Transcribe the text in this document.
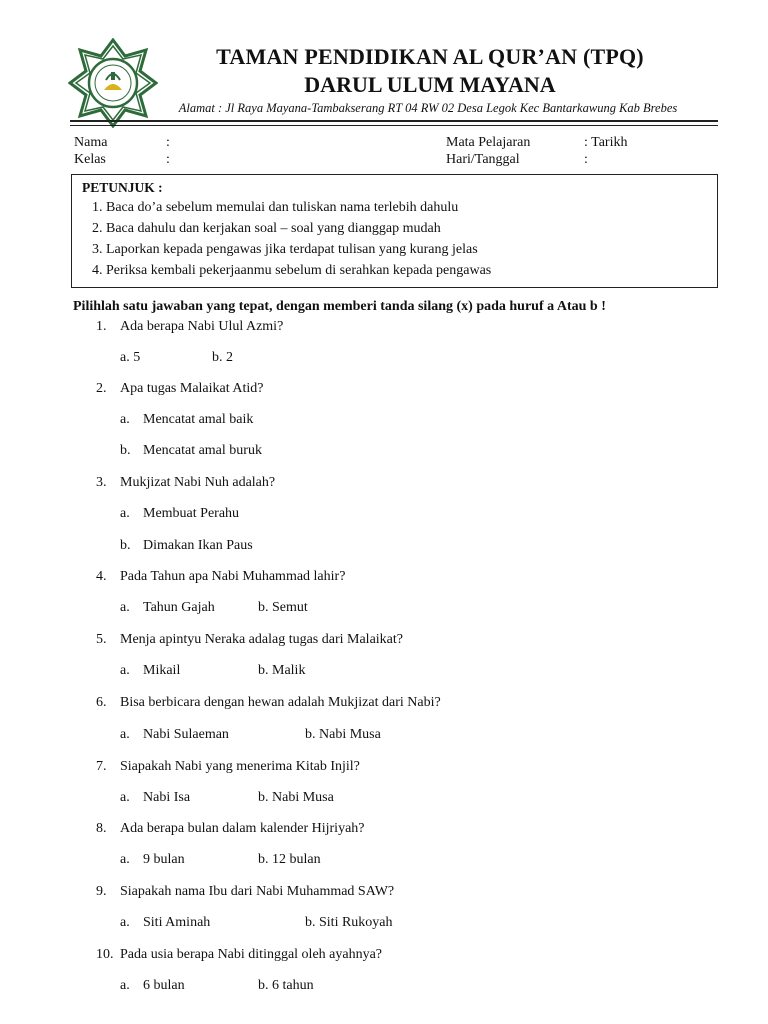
TAMAN PENDIDIKAN AL QUR’AN (TPQ)
DARUL ULUM MAYANA
Alamat : Jl Raya Mayana-Tambakserang RT 04 RW 02 Desa Legok Kec Bantarkawung Kab Brebes
Nama	:
Kelas	:
Mata Pelajaran	: Tarikh
Hari/Tanggal	:
PETUNJUK :
1. Baca do’a sebelum memulai dan tuliskan nama terlebih dahulu
2. Baca dahulu dan kerjakan soal – soal yang dianggap mudah
3. Laporkan kepada pengawas jika terdapat tulisan yang kurang jelas
4. Periksa kembali pekerjaanmu sebelum di serahkan kepada pengawas
Pilihlah satu jawaban yang tepat, dengan memberi tanda silang (x) pada huruf a Atau b !
1. Ada berapa Nabi Ulul Azmi?
a. 5	b. 2
2. Apa tugas Malaikat Atid?
a. Mencatat amal baik
b. Mencatat amal buruk
3. Mukjizat Nabi Nuh adalah?
a. Membuat Perahu
b. Dimakan Ikan Paus
4. Pada Tahun apa Nabi Muhammad lahir?
a. Tahun Gajah	b. Semut
5. Menja apintyu Neraka adalag tugas dari Malaikat?
a. Mikail	b. Malik
6. Bisa berbicara dengan hewan adalah Mukjizat dari Nabi?
a. Nabi Sulaeman	b. Nabi Musa
7. Siapakah Nabi yang menerima Kitab Injil?
a. Nabi Isa	b. Nabi Musa
8. Ada berapa bulan dalam kalender Hijriyah?
a. 9 bulan	b. 12 bulan
9. Siapakah nama Ibu dari Nabi Muhammad SAW?
a. Siti Aminah	b. Siti Rukoyah
10. Pada usia berapa Nabi ditinggal oleh ayahnya?
a. 6 bulan	b. 6 tahun
